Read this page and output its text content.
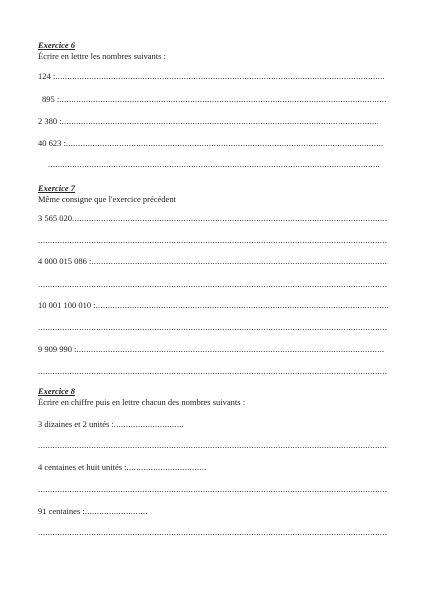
Exercice 6
Écrire en lettre les nombres suivants :
124 :
.....
895 :
.....
2 380 :
.....
40 623 :
.....
.....
Exercice 7
Même consigne que l'exercice précédent
3 565 020
.....
.....
4 000 015 086 :
.....
.....
10 001 100 010 :
.....
.....
9 909 990 :
.....
.....
Exercice 8
Écrire en chiffre puis en lettre chacun des nombres suivants :
3 dizaines et 2 unités :
.....
.....
4 centaines et huit unités :
.....
.....
91 centaines :
.....
.....
